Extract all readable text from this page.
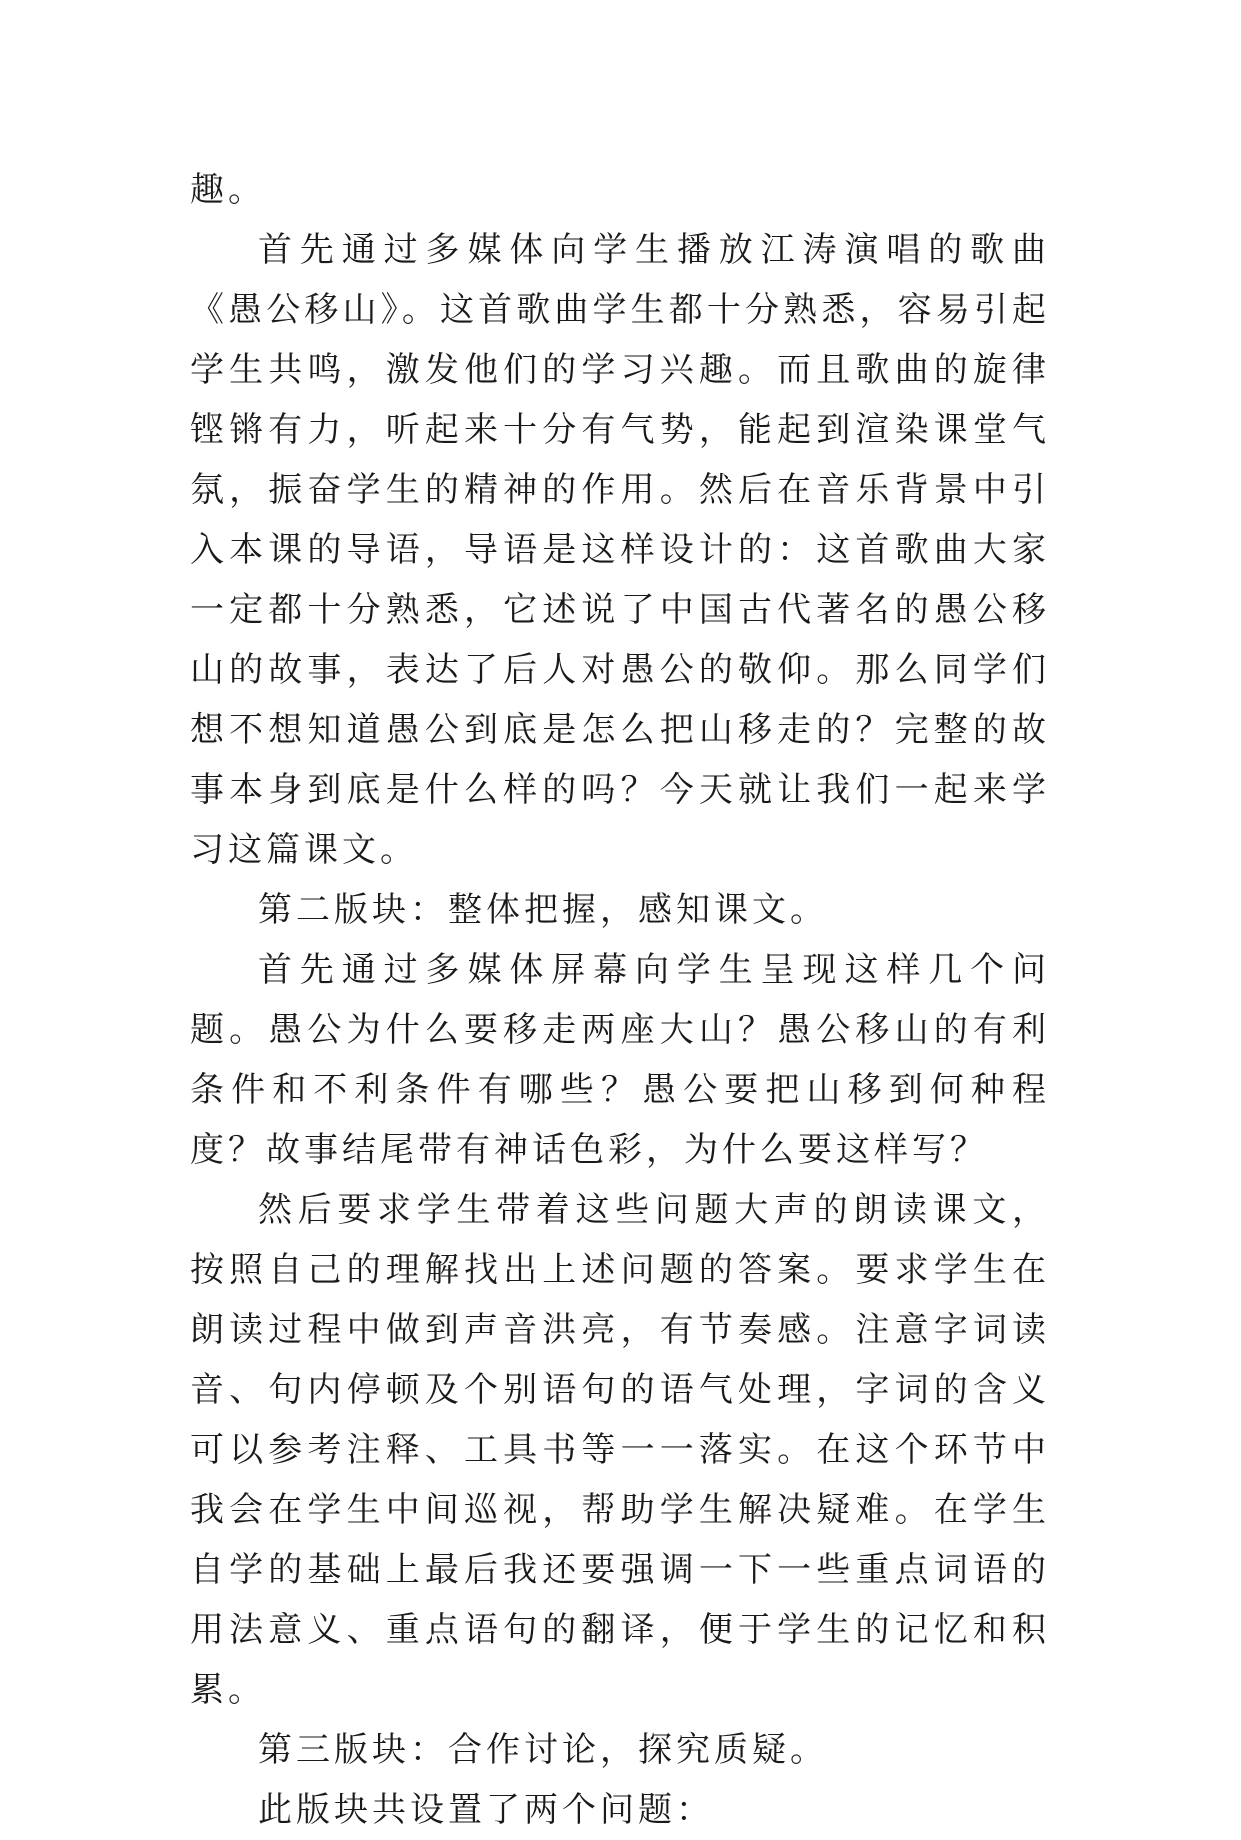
趣。

首先通过多媒体向学生播放江涛演唱的歌曲《愚公移山》。这首歌曲学生都十分熟悉，容易引起学生共鸣，激发他们的学习兴趣。而且歌曲的旋律铿锵有力，听起来十分有气势，能起到渲染课堂气氛，振奋学生的精神的作用。然后在音乐背景中引入本课的导语，导语是这样设计的：这首歌曲大家一定都十分熟悉，它述说了中国古代著名的愚公移山的故事，表达了后人对愚公的敬仰。那么同学们想不想知道愚公到底是怎么把山移走的？完整的故事本身到底是什么样的吗？今天就让我们一起来学习这篇课文。

第二版块：整体把握，感知课文。

首先通过多媒体屏幕向学生呈现这样几个问题。愚公为什么要移走两座大山？愚公移山的有利条件和不利条件有哪些？愚公要把山移到何种程度？故事结尾带有神话色彩，为什么要这样写？

然后要求学生带着这些问题大声的朗读课文，按照自己的理解找出上述问题的答案。要求学生在朗读过程中做到声音洪亮，有节奏感。注意字词读音、句内停顿及个别语句的语气处理，字词的含义可以参考注释、工具书等一一落实。在这个环节中我会在学生中间巡视，帮助学生解决疑难。在学生自学的基础上最后我还要强调一下一些重点词语的用法意义、重点语句的翻译，便于学生的记忆和积累。

第三版块：合作讨论，探究质疑。

此版块共设置了两个问题：
